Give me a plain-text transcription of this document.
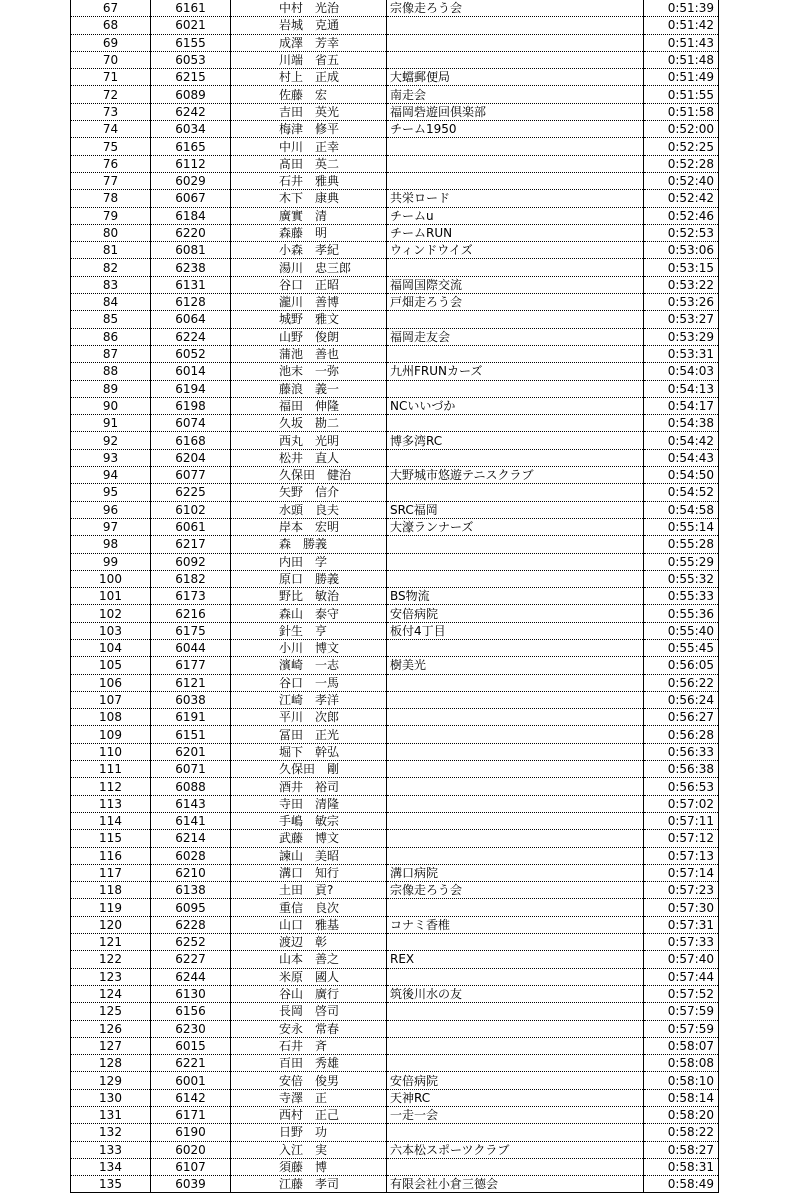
67	6161	中村　光治	宗像走ろう会	0:51:39
68	6021	岩城　克通		0:51:42
69	6155	成澤　芳幸		0:51:43
70	6053	川端　省五		0:51:48
71	6215	村上　正成	大蟷郵便局	0:51:49
72	6089	佐藤　宏	南走会	0:51:55
73	6242	吉田　英光	福岡砦遊回倶楽部	0:51:58
74	6034	梅津　修平	チーム1950	0:52:00
75	6165	中川　正幸		0:52:25
76	6112	髙田　英二		0:52:28
77	6029	石井　雅典		0:52:40
78	6067	木下　康典	共栄ロード	0:52:42
79	6184	廣實　清	チームu	0:52:46
80	6220	森藤　明	チームRUN	0:52:53
81	6081	小森　孝紀	ウィンドウイズ	0:53:06
82	6238	湯川　忠三郎		0:53:15
83	6131	谷口　正昭	福岡国際交流	0:53:22
84	6128	瀧川　善博	戸畑走ろう会	0:53:26
85	6064	城野　雅文		0:53:27
86	6224	山野　俊朗	福岡走友会	0:53:29
87	6052	蒲池　善也		0:53:31
88	6014	池末　一弥	九州FRUNカーズ	0:54:03
89	6194	藤浪　義一		0:54:13
90	6198	福田　伸隆	NCいいづか	0:54:17
91	6074	久坂　勘二		0:54:38
92	6168	西丸　光明	博多湾RC	0:54:42
93	6204	松井　直人		0:54:43
94	6077	久保田　健治	大野城市悠遊テニスクラブ	0:54:50
95	6225	矢野　信介		0:54:52
96	6102	水頭　良夫	SRC福岡	0:54:58
97	6061	岸本　宏明	大濠ランナーズ	0:55:14
98	6217	森　勝義		0:55:28
99	6092	内田　学		0:55:29
100	6182	原口　勝義		0:55:32
101	6173	野比　敏治	BS物流	0:55:33
102	6216	森山　泰守	安倍病院	0:55:36
103	6175	針生　亨	板付4丁目	0:55:40
104	6044	小川　博文		0:55:45
105	6177	濱崎　一志	樹美光	0:56:05
106	6121	谷口　一馬		0:56:22
107	6038	江崎　孝洋		0:56:24
108	6191	平川　次郎		0:56:27
109	6151	冨田　正光		0:56:28
110	6201	堀下　幹弘		0:56:33
111	6071	久保田　剛		0:56:38
112	6088	酒井　裕司		0:56:53
113	6143	寺田　清隆		0:57:02
114	6141	手嶋　敏宗		0:57:11
115	6214	武藤　博文		0:57:12
116	6028	諫山　美昭		0:57:13
117	6210	溝口　知行	溝口病院	0:57:14
118	6138	土田　貢?	宗像走ろう会	0:57:23
119	6095	重信　良次		0:57:30
120	6228	山口　雅基	コナミ香椎	0:57:31
121	6252	渡辺　彰		0:57:33
122	6227	山本　善之	REX	0:57:40
123	6244	米原　國人		0:57:44
124	6130	谷山　廣行	筑後川水の友	0:57:52
125	6156	長岡　啓司		0:57:59
126	6230	安永　常春		0:57:59
127	6015	石井　斉		0:58:07
128	6221	百田　秀雄		0:58:08
129	6001	安倍　俊男	安倍病院	0:58:10
130	6142	寺澤　正	天神RC	0:58:14
131	6171	西村　正己	一走一会	0:58:20
132	6190	日野　功		0:58:22
133	6020	入江　実	六本松スポーツクラブ	0:58:27
134	6107	須藤　博		0:58:31
135	6039	江藤　孝司	有限会社小倉三德会	0:58:49
